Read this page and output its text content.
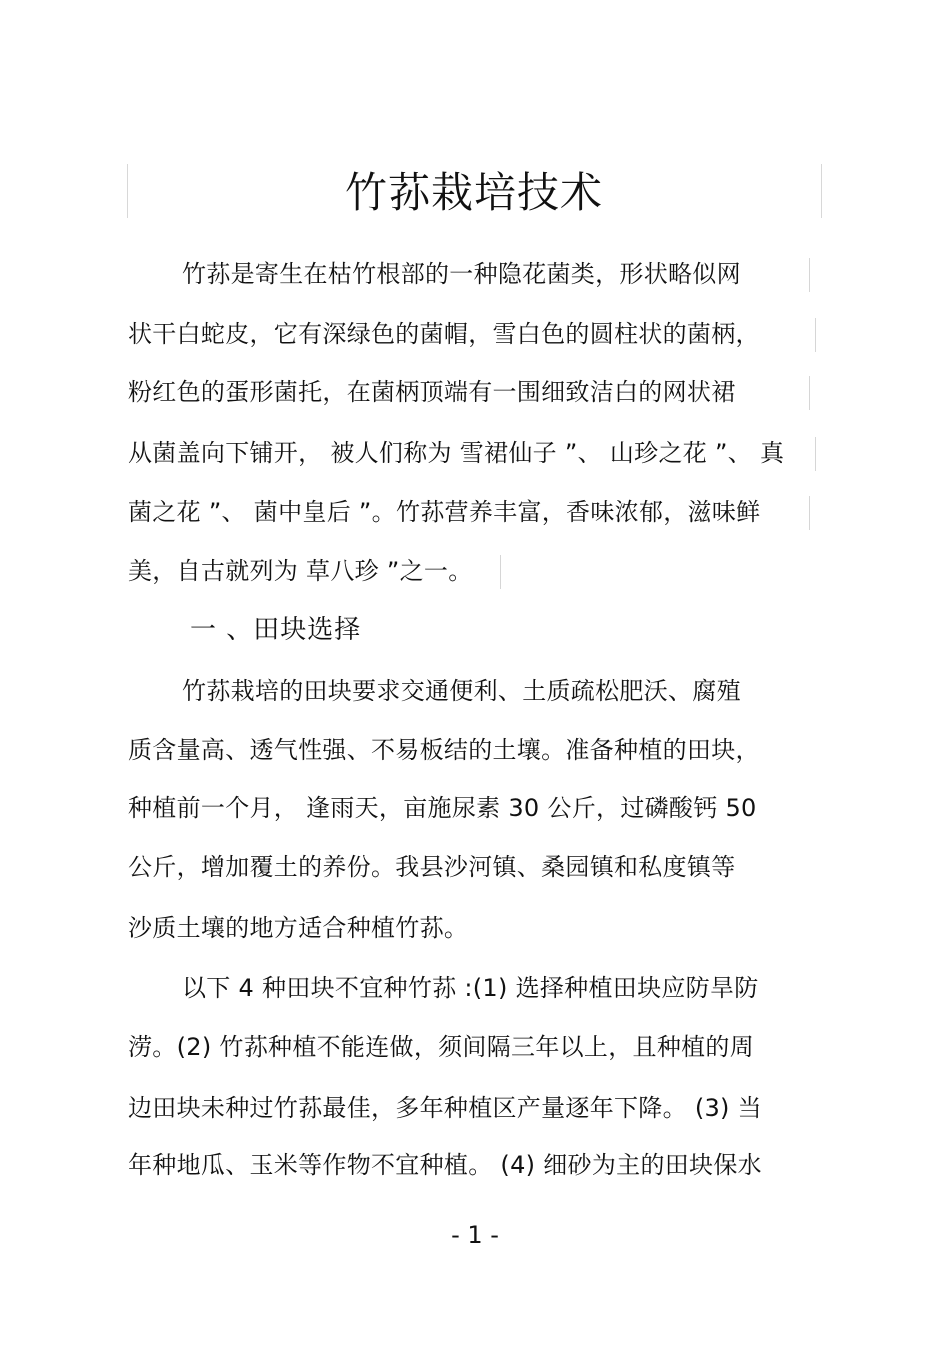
竹荪栽培技术
竹荪是寄生在枯竹根部的一种隐花菌类，形状略似网
状干白蛇皮，它有深绿色的菌帽，雪白色的圆柱状的菌柄，
粉红色的蛋形菌托，在菌柄顶端有一围细致洁白的网状裙
从菌盖向下铺开， 被人们称为 雪裙仙子 ”、 山珍之花 ”、 真
菌之花 ”、 菌中皇后 ”。竹荪营养丰富，香味浓郁，滋味鲜
美，自古就列为 草八珍 ”之一。
一 、田块选择
竹荪栽培的田块要求交通便利、土质疏松肥沃、腐殖
质含量高、透气性强、不易板结的土壤。准备种植的田块，
种植前一个月， 逢雨天，亩施尿素 30 公斤，过磷酸钙 50
公斤，增加覆土的养份。我县沙河镇、桑园镇和私度镇等
沙质土壤的地方适合种植竹荪。
以下 4 种田块不宜种竹荪 :(1) 选择种植田块应防旱防
涝。(2) 竹荪种植不能连做，须间隔三年以上，且种植的周
边田块未种过竹荪最佳，多年种植区产量逐年下降。 (3) 当
年种地瓜、玉米等作物不宜种植。 (4) 细砂为主的田块保水
- 1 -
